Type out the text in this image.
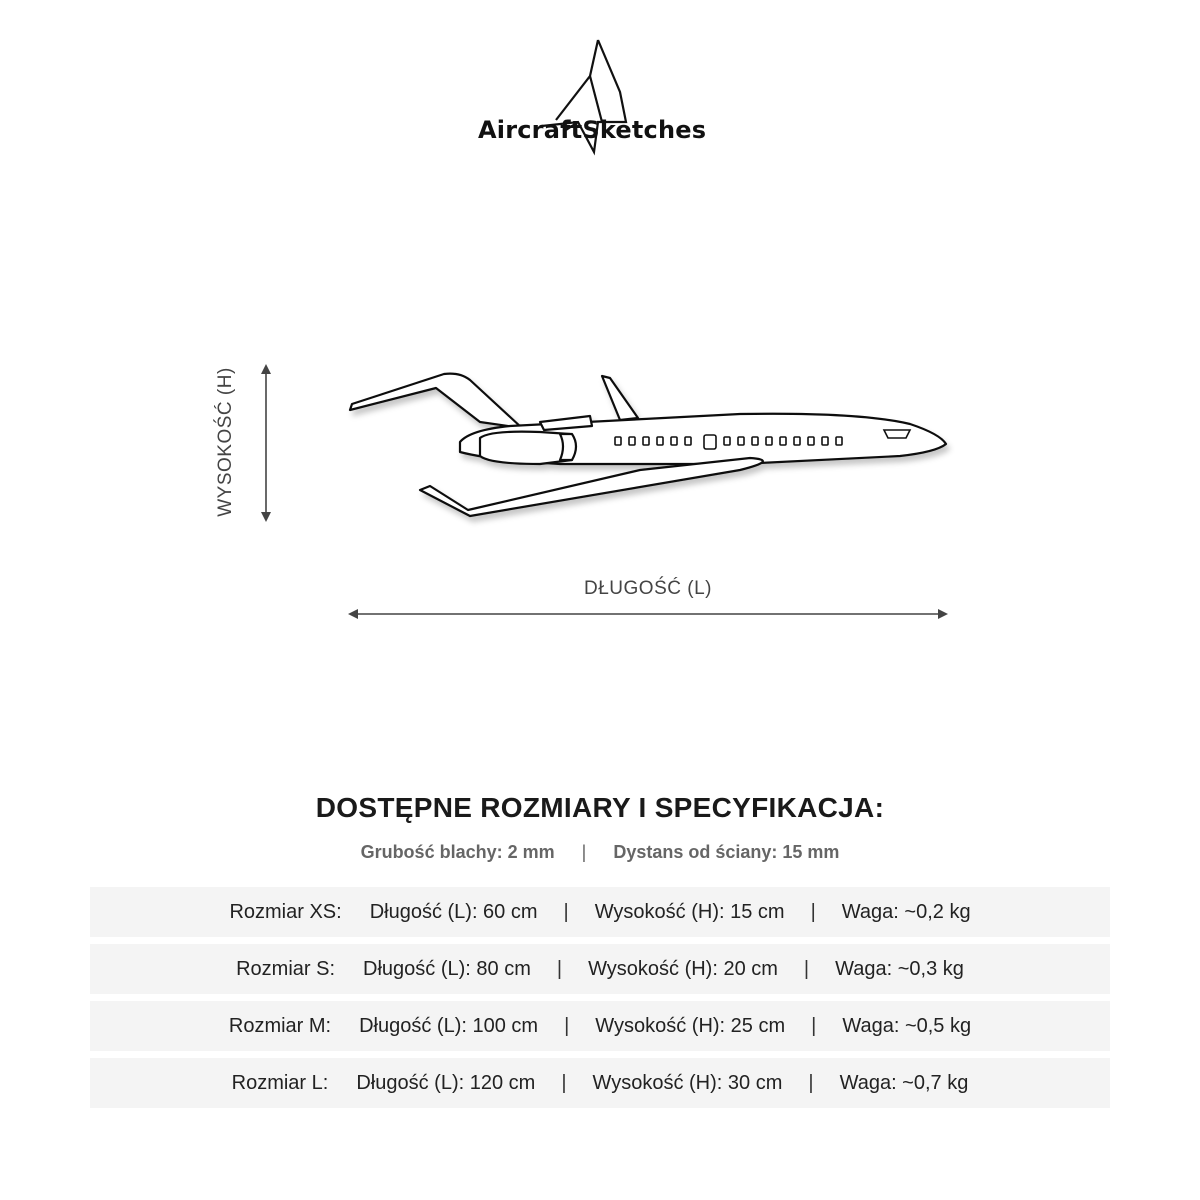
AircraftSketches
WYSOKOŚĆ (H)
DŁUGOŚĆ (L)
DOSTĘPNE ROZMIARY I SPECYFIKACJA:
Grubość blachy: 2 mm | Dystans od ściany: 15 mm
Rozmiar XS: Długość (L): 60 cm | Wysokość (H): 15 cm | Waga: ~0,2 kg
Rozmiar S: Długość (L): 80 cm | Wysokość (H): 20 cm | Waga: ~0,3 kg
Rozmiar M: Długość (L): 100 cm | Wysokość (H): 25 cm | Waga: ~0,5 kg
Rozmiar L: Długość (L): 120 cm | Wysokość (H): 30 cm | Waga: ~0,7 kg
